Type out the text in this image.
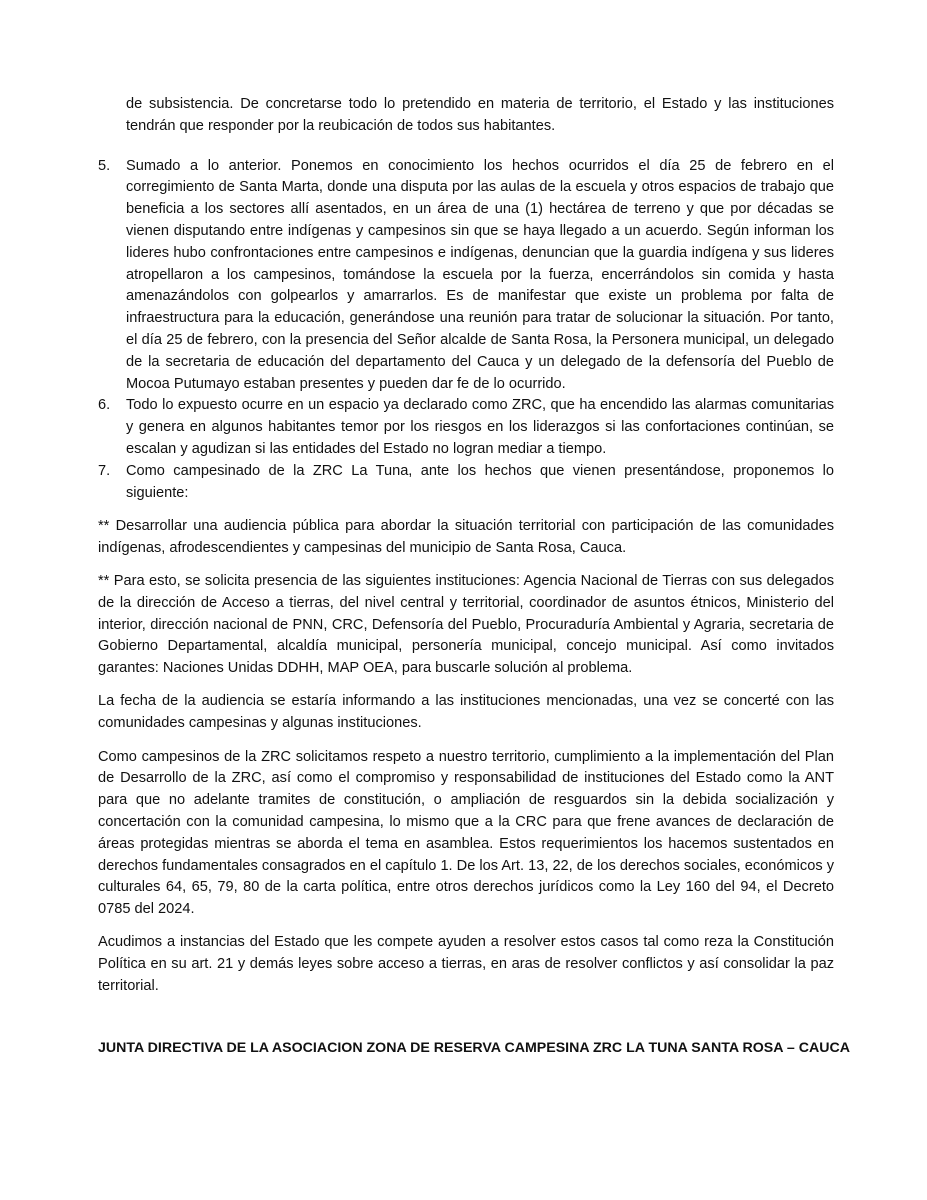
de subsistencia. De concretarse todo lo pretendido en materia de territorio, el Estado y las instituciones tendrán que responder por la reubicación de todos sus habitantes.

5. Sumado a lo anterior. Ponemos en conocimiento los hechos ocurridos el día 25 de febrero en el corregimiento de Santa Marta, donde una disputa por las aulas de la escuela y otros espacios de trabajo que beneficia a los sectores allí asentados, en un área de una (1) hectárea de terreno y que por décadas se vienen disputando entre indígenas y campesinos sin que se haya llegado a un acuerdo. Según informan los lideres hubo confrontaciones entre campesinos e indígenas, denuncian que la guardia indígena y sus lideres atropellaron a los campesinos, tomándose la escuela por la fuerza, encerrándolos sin comida y hasta amenazándolos con golpearlos y amarrarlos. Es de manifestar que existe un problema por falta de infraestructura para la educación, generándose una reunión para tratar de solucionar la situación. Por tanto, el día 25 de febrero, con la presencia del Señor alcalde de Santa Rosa, la Personera municipal, un delegado de la secretaria de educación del departamento del Cauca y un delegado de la defensoría del Pueblo de Mocoa Putumayo estaban presentes y pueden dar fe de lo ocurrido.
6. Todo lo expuesto ocurre en un espacio ya declarado como ZRC, que ha encendido las alarmas comunitarias y genera en algunos habitantes temor por los riesgos en los liderazgos si las confortaciones continúan, se escalan y agudizan si las entidades del Estado no logran mediar a tiempo.
7. Como campesinado de la ZRC La Tuna, ante los hechos que vienen presentándose, proponemos lo siguiente:

** Desarrollar una audiencia pública para abordar la situación territorial con participación de las comunidades indígenas, afrodescendientes y campesinas del municipio de Santa Rosa, Cauca.

** Para esto, se solicita presencia de las siguientes instituciones: Agencia Nacional de Tierras con sus delegados de la dirección de Acceso a tierras, del nivel central y territorial, coordinador de asuntos étnicos, Ministerio del interior, dirección nacional de PNN, CRC, Defensoría del Pueblo, Procuraduría Ambiental y Agraria, secretaria de Gobierno Departamental, alcaldía municipal, personería municipal, concejo municipal. Así como invitados garantes: Naciones Unidas DDHH, MAP OEA, para buscarle solución al problema.

La fecha de la audiencia se estaría informando a las instituciones mencionadas, una vez se concerté con las comunidades campesinas y algunas instituciones.

Como campesinos de la ZRC solicitamos respeto a nuestro territorio, cumplimiento a la implementación del Plan de Desarrollo de la ZRC, así como el compromiso y responsabilidad de instituciones del Estado como la ANT para que no adelante tramites de constitución, o ampliación de resguardos sin la debida socialización y concertación con la comunidad campesina, lo mismo que a la CRC para que frene avances de declaración de áreas protegidas mientras se aborda el tema en asamblea. Estos requerimientos los hacemos sustentados en derechos fundamentales consagrados en el capítulo 1. De los Art. 13, 22, de los derechos sociales, económicos y culturales 64, 65, 79, 80 de la carta política, entre otros derechos jurídicos como la Ley 160 del 94, el Decreto 0785 del 2024.

Acudimos a instancias del Estado que les compete ayuden a resolver estos casos tal como reza la Constitución Política en su art. 21 y demás leyes sobre acceso a tierras, en aras de resolver conflictos y así consolidar la paz territorial.

JUNTA DIRECTIVA DE LA ASOCIACION ZONA DE RESERVA CAMPESINA ZRC LA TUNA SANTA ROSA – CAUCA
